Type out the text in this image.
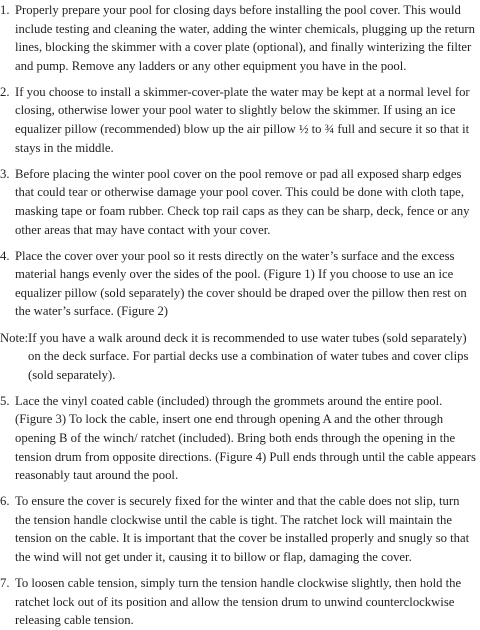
1. Properly prepare your pool for closing days before installing the pool cover. This would include testing and cleaning the water, adding the winter chemicals, plugging up the return lines, blocking the skimmer with a cover plate (optional), and finally winterizing the filter and pump. Remove any ladders or any other equipment you have in the pool.
2. If you choose to install a skimmer-cover-plate the water may be kept at a normal level for closing, otherwise lower your pool water to slightly below the skimmer. If using an ice equalizer pillow (recommended) blow up the air pillow ½ to ¾ full and secure it so that it stays in the middle.
3. Before placing the winter pool cover on the pool remove or pad all exposed sharp edges that could tear or otherwise damage your pool cover. This could be done with cloth tape, masking tape or foam rubber. Check top rail caps as they can be sharp, deck, fence or any other areas that may have contact with your cover.
4. Place the cover over your pool so it rests directly on the water’s surface and the excess material hangs evenly over the sides of the pool. (Figure 1) If you choose to use an ice equalizer pillow (sold separately) the cover should be draped over the pillow then rest on the water’s surface. (Figure 2)
Note: If you have a walk around deck it is recommended to use water tubes (sold separately) on the deck surface. For partial decks use a combination of water tubes and cover clips (sold separately).
5. Lace the vinyl coated cable (included) through the grommets around the entire pool. (Figure 3) To lock the cable, insert one end through opening A and the other through opening B of the winch/ ratchet (included). Bring both ends through the opening in the tension drum from opposite directions. (Figure 4) Pull ends through until the cable appears reasonably taut around the pool.
6. To ensure the cover is securely fixed for the winter and that the cable does not slip, turn the tension handle clockwise until the cable is tight. The ratchet lock will maintain the tension on the cable. It is important that the cover be installed properly and snugly so that the wind will not get under it, causing it to billow or flap, damaging the cover.
7. To loosen cable tension, simply turn the tension handle clockwise slightly, then hold the ratchet lock out of its position and allow the tension drum to unwind counterclockwise releasing cable tension.
